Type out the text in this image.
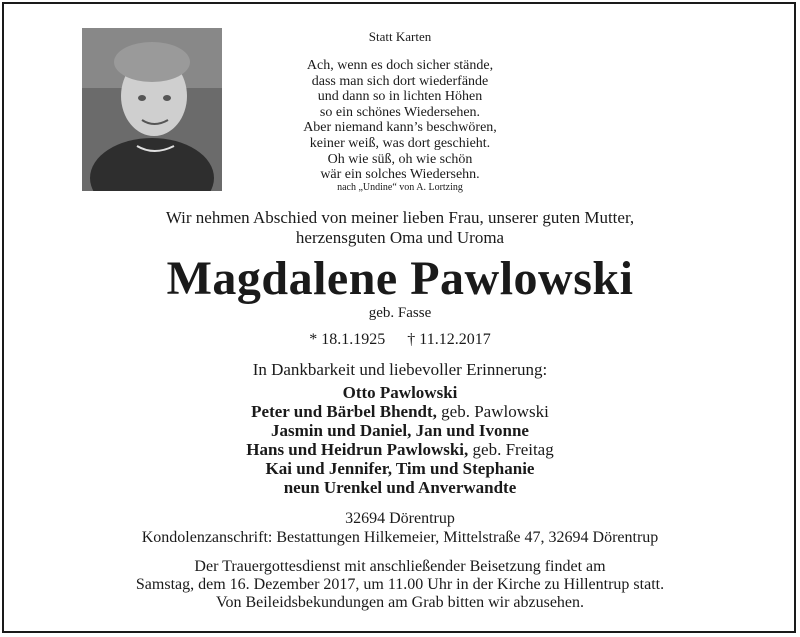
Statt Karten
Ach, wenn es doch sicher stände,
dass man sich dort wiederfände
und dann so in lichten Höhen
so ein schönes Wiedersehen.
Aber niemand kann’s beschwören,
keiner weiß, was dort geschieht.
Oh wie süß, oh wie schön
wär ein solches Wiedersehn.
nach „Undine“ von A. Lortzing
Wir nehmen Abschied von meiner lieben Frau, unserer guten Mutter,
herzensguten Oma und Uroma
Magdalene Pawlowski
geb. Fasse
* 18.1.1925 † 11.12.2017
In Dankbarkeit und liebevoller Erinnerung:
Otto Pawlowski
Peter und Bärbel Bhendt, geb. Pawlowski
Jasmin und Daniel, Jan und Ivonne
Hans und Heidrun Pawlowski, geb. Freitag
Kai und Jennifer, Tim und Stephanie
neun Urenkel und Anverwandte
32694 Dörentrup
Kondolenzanschrift: Bestattungen Hilkemeier, Mittelstraße 47, 32694 Dörentrup
Der Trauergottesdienst mit anschließender Beisetzung findet am
Samstag, dem 16. Dezember 2017, um 11.00 Uhr in der Kirche zu Hillentrup statt.
Von Beileidsbekundungen am Grab bitten wir abzusehen.
